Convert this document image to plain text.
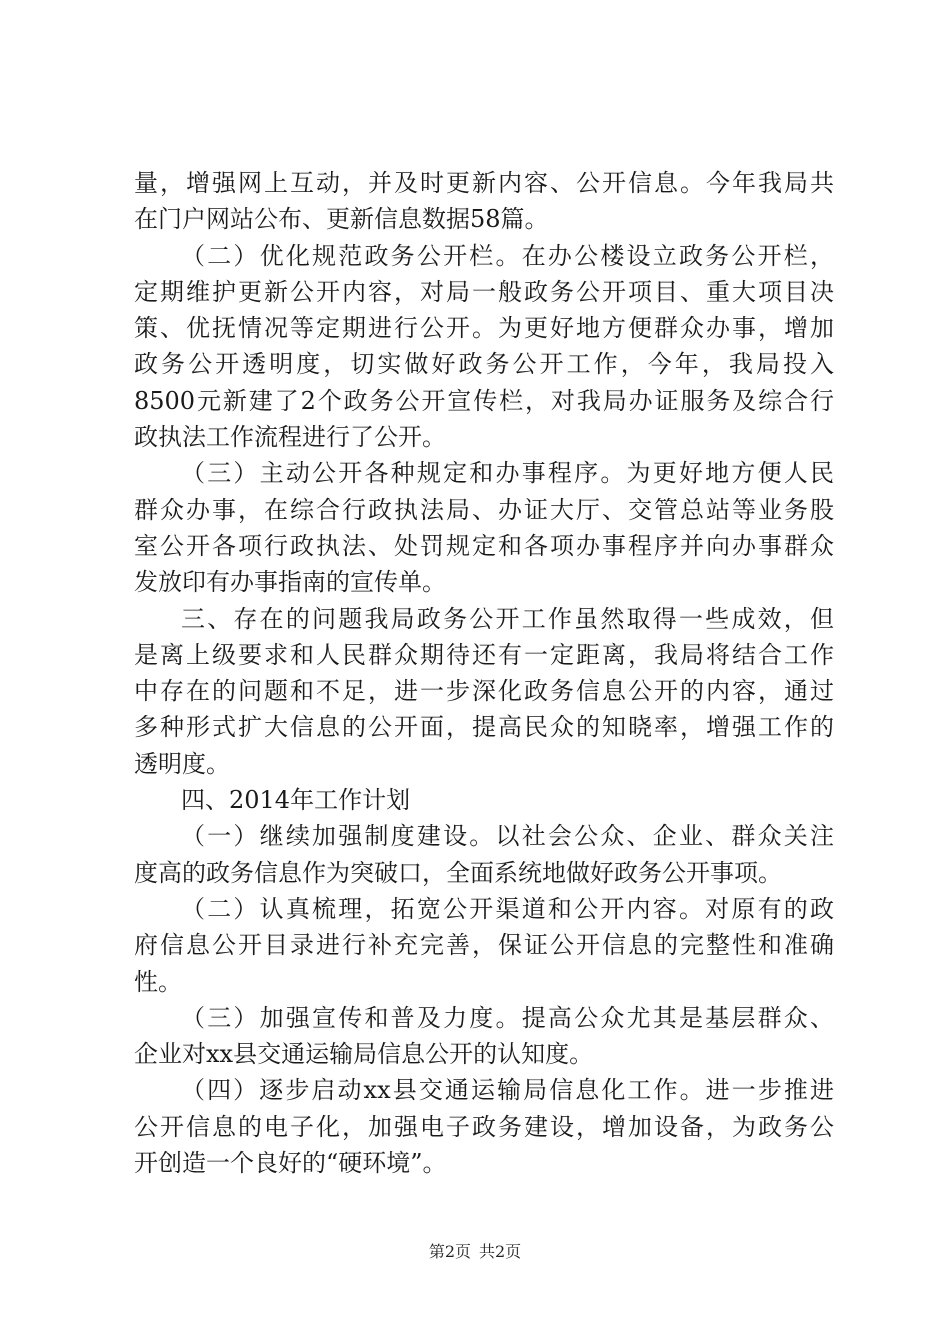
量，增强网上互动，并及时更新内容、公开信息。今年我局共
在门户网站公布、更新信息数据58篇。
（二）优化规范政务公开栏。在办公楼设立政务公开栏，
定期维护更新公开内容，对局一般政务公开项目、重大项目决
策、优抚情况等定期进行公开。为更好地方便群众办事，增加
政务公开透明度，切实做好政务公开工作，今年，我局投入
8500元新建了2个政务公开宣传栏，对我局办证服务及综合行
政执法工作流程进行了公开。
（三）主动公开各种规定和办事程序。为更好地方便人民
群众办事，在综合行政执法局、办证大厅、交管总站等业务股
室公开各项行政执法、处罚规定和各项办事程序并向办事群众
发放印有办事指南的宣传单。
三、存在的问题我局政务公开工作虽然取得一些成效，但
是离上级要求和人民群众期待还有一定距离，我局将结合工作
中存在的问题和不足，进一步深化政务信息公开的内容，通过
多种形式扩大信息的公开面，提高民众的知晓率，增强工作的
透明度。
四、2014年工作计划
（一）继续加强制度建设。以社会公众、企业、群众关注
度高的政务信息作为突破口，全面系统地做好政务公开事项。
（二）认真梳理，拓宽公开渠道和公开内容。对原有的政
府信息公开目录进行补充完善，保证公开信息的完整性和准确
性。
（三）加强宣传和普及力度。提高公众尤其是基层群众、
企业对xx县交通运输局信息公开的认知度。
（四）逐步启动xx县交通运输局信息化工作。进一步推进
公开信息的电子化，加强电子政务建设，增加设备，为政务公
开创造一个良好的“硬环境”。
第2页 共2页
